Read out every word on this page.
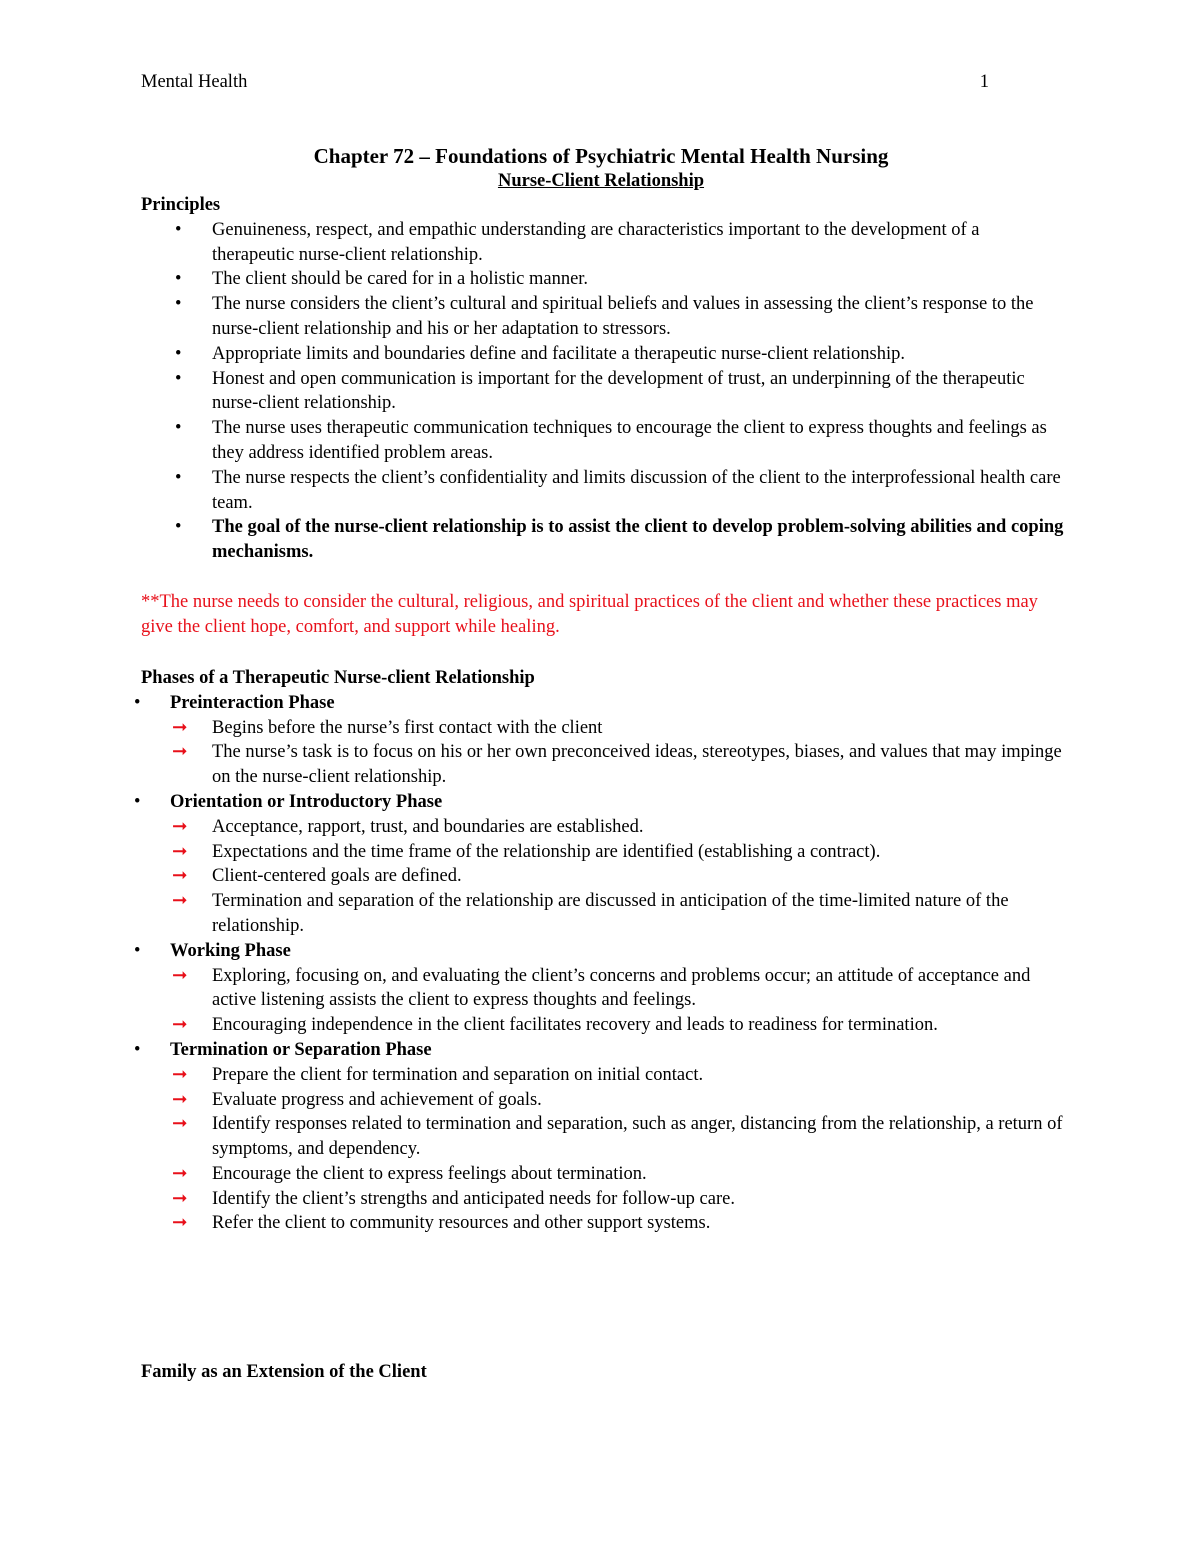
Mental Health	1

Chapter 72 – Foundations of Psychiatric Mental Health Nursing

Nurse-Client Relationship

Principles

• Genuineness, respect, and empathic understanding are characteristics important to the development of a therapeutic nurse-client relationship.
• The client should be cared for in a holistic manner.
• The nurse considers the client’s cultural and spiritual beliefs and values in assessing the client’s response to the nurse-client relationship and his or her adaptation to stressors.
• Appropriate limits and boundaries define and facilitate a therapeutic nurse-client relationship.
• Honest and open communication is important for the development of trust, an underpinning of the therapeutic nurse-client relationship.
• The nurse uses therapeutic communication techniques to encourage the client to express thoughts and feelings as they address identified problem areas.
• The nurse respects the client’s confidentiality and limits discussion of the client to the interprofessional health care team.
• The goal of the nurse-client relationship is to assist the client to develop problem-solving abilities and coping mechanisms.

**The nurse needs to consider the cultural, religious, and spiritual practices of the client and whether these practices may give the client hope, comfort, and support while healing.

Phases of a Therapeutic Nurse-client Relationship

• Preinteraction Phase
➞ Begins before the nurse’s first contact with the client
➞ The nurse’s task is to focus on his or her own preconceived ideas, stereotypes, biases, and values that may impinge on the nurse-client relationship.
• Orientation or Introductory Phase
➞ Acceptance, rapport, trust, and boundaries are established.
➞ Expectations and the time frame of the relationship are identified (establishing a contract).
➞ Client-centered goals are defined.
➞ Termination and separation of the relationship are discussed in anticipation of the time-limited nature of the relationship.
• Working Phase
➞ Exploring, focusing on, and evaluating the client’s concerns and problems occur; an attitude of acceptance and active listening assists the client to express thoughts and feelings.
➞ Encouraging independence in the client facilitates recovery and leads to readiness for termination.
• Termination or Separation Phase
➞ Prepare the client for termination and separation on initial contact.
➞ Evaluate progress and achievement of goals.
➞ Identify responses related to termination and separation, such as anger, distancing from the relationship, a return of symptoms, and dependency.
➞ Encourage the client to express feelings about termination.
➞ Identify the client’s strengths and anticipated needs for follow-up care.
➞ Refer the client to community resources and other support systems.
Family as an Extension of the Client
